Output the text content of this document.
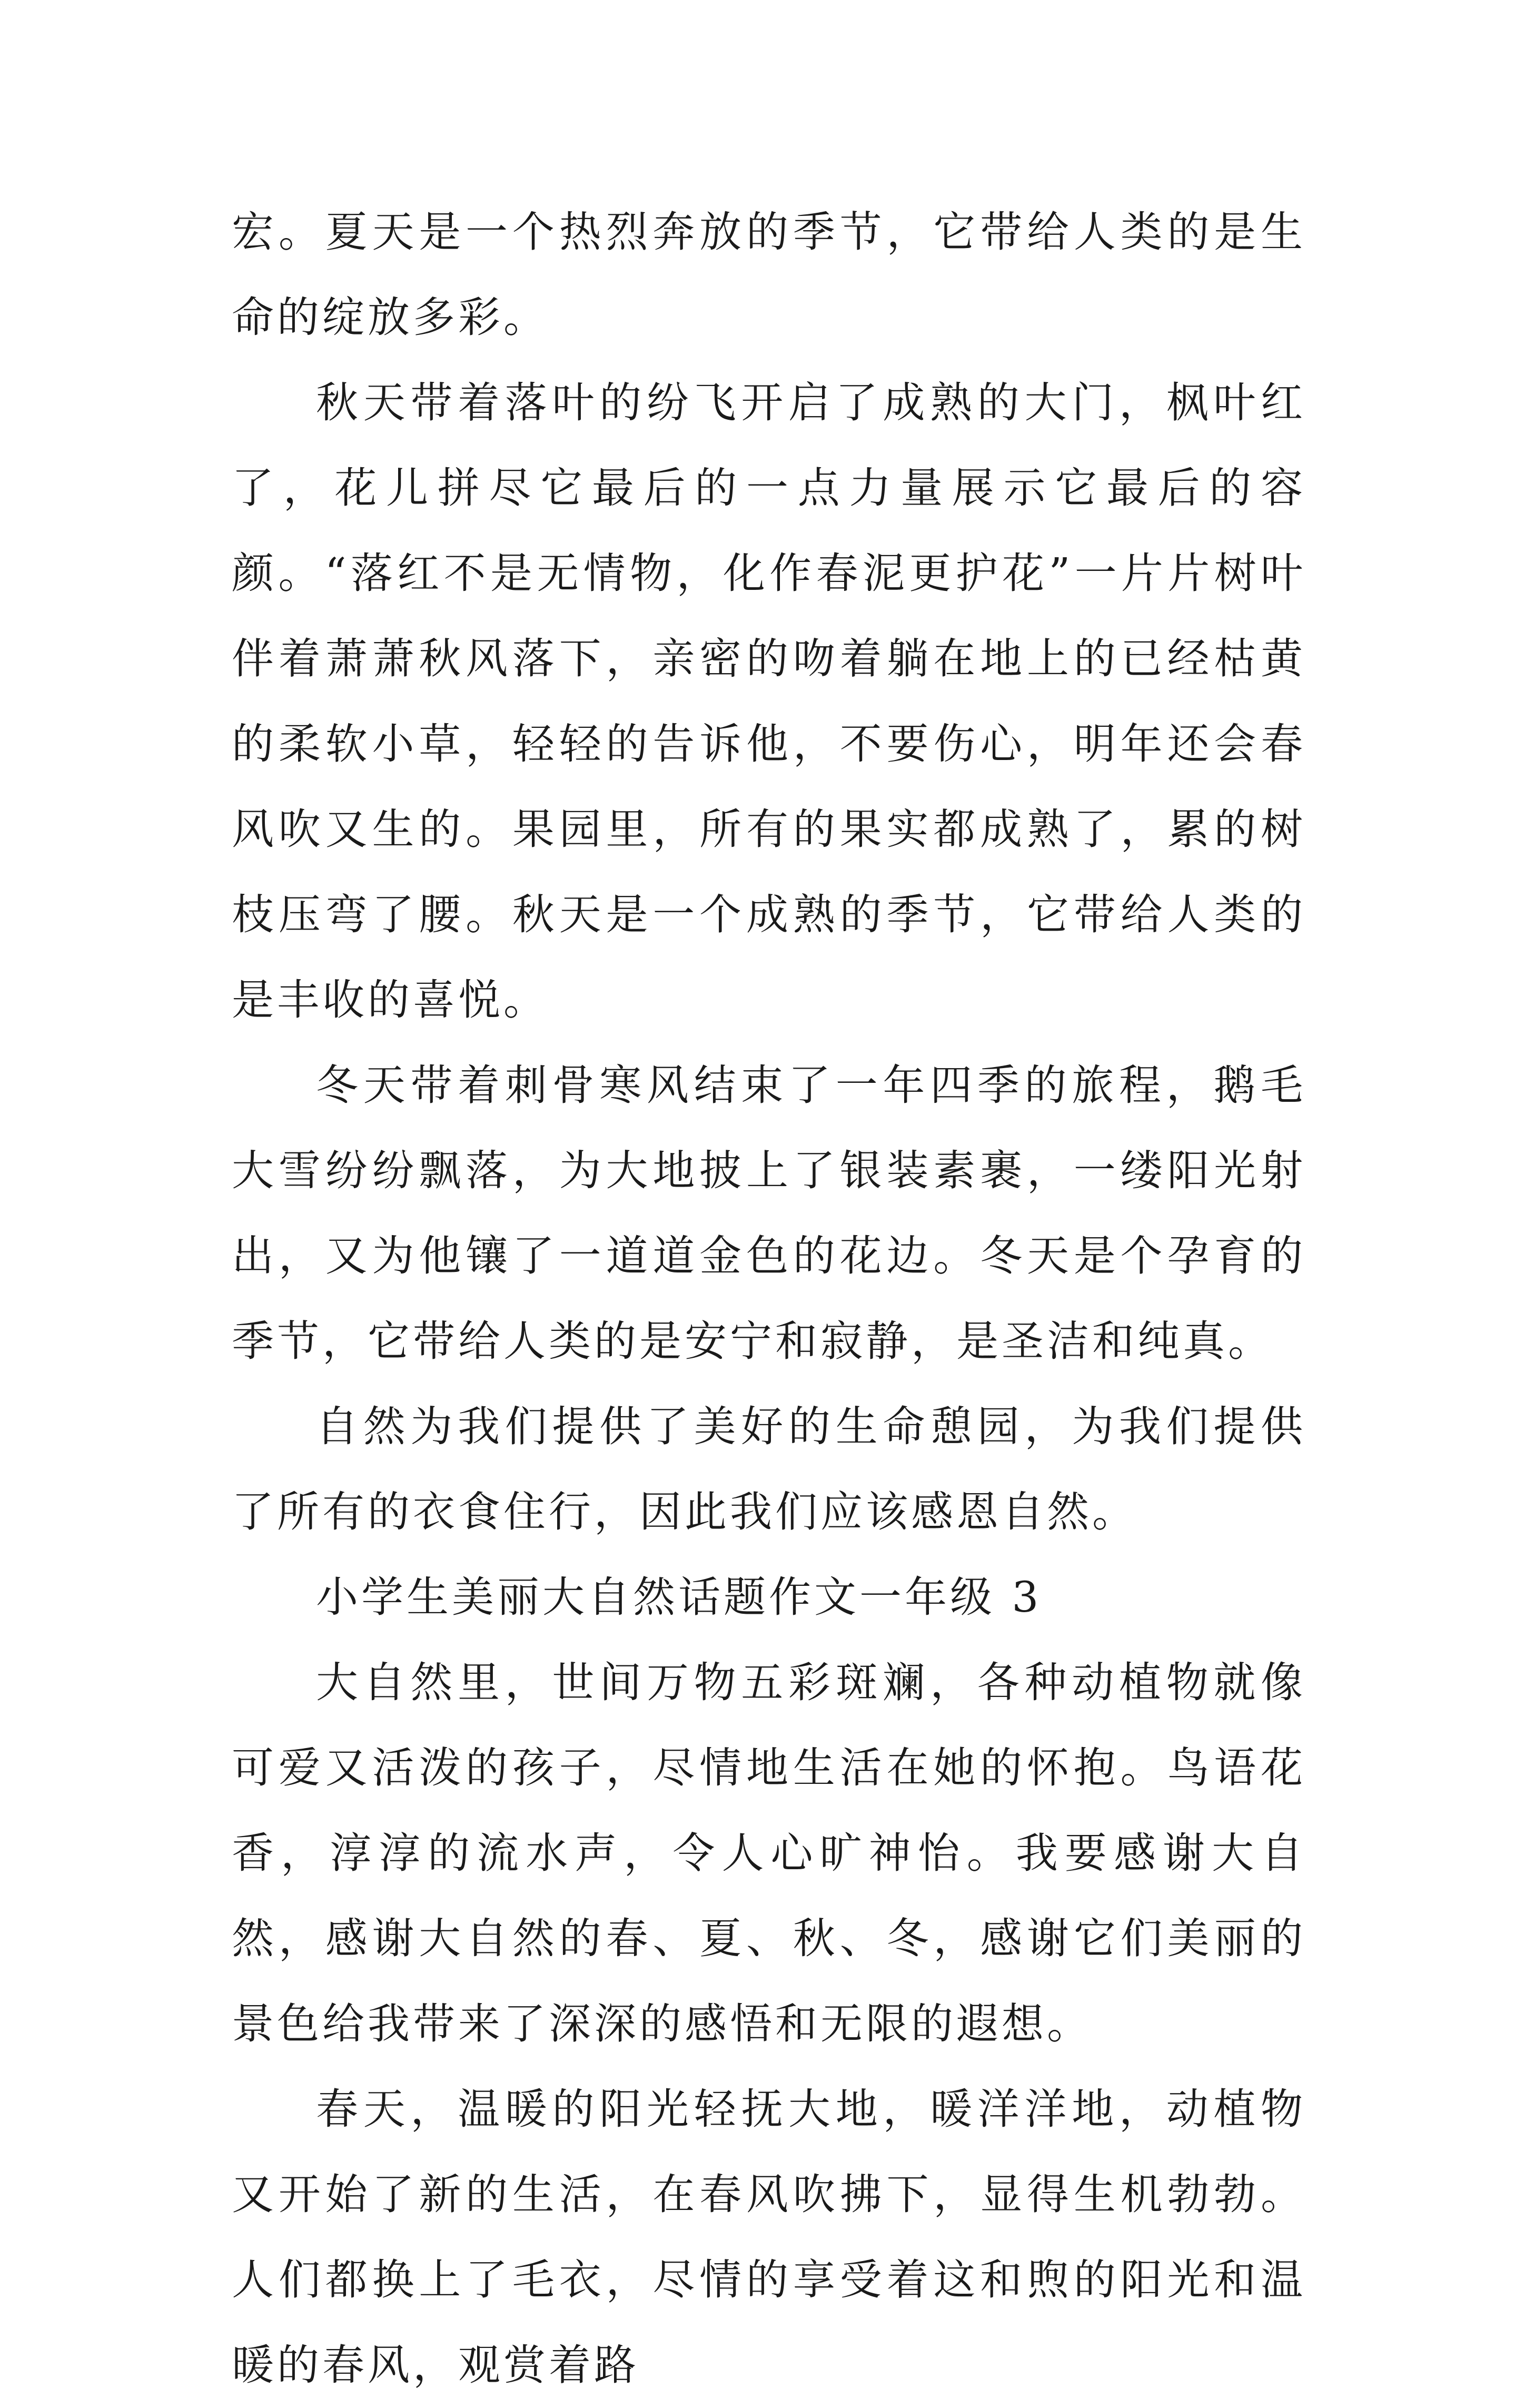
宏。夏天是一个热烈奔放的季节，它带给人类的是生命的绽放多彩。

秋天带着落叶的纷飞开启了成熟的大门，枫叶红了，花儿拼尽它最后的一点力量展示它最后的容颜。“落红不是无情物，化作春泥更护花”一片片树叶伴着萧萧秋风落下，亲密的吻着躺在地上的已经枯黄的柔软小草，轻轻的告诉他，不要伤心，明年还会春风吹又生的。果园里，所有的果实都成熟了，累的树枝压弯了腰。秋天是一个成熟的季节，它带给人类的是丰收的喜悦。

冬天带着刺骨寒风结束了一年四季的旅程，鹅毛大雪纷纷飘落，为大地披上了银装素裹，一缕阳光射出，又为他镶了一道道金色的花边。冬天是个孕育的季节，它带给人类的是安宁和寂静，是圣洁和纯真。

自然为我们提供了美好的生命憩园，为我们提供了所有的衣食住行，因此我们应该感恩自然。

小学生美丽大自然话题作文一年级 3

大自然里，世间万物五彩斑斓，各种动植物就像可爱又活泼的孩子，尽情地生活在她的怀抱。鸟语花香，淳淳的流水声，令人心旷神怡。我要感谢大自然，感谢大自然的春、夏、秋、冬，感谢它们美丽的景色给我带来了深深的感悟和无限的遐想。

春天，温暖的阳光轻抚大地，暖洋洋地，动植物又开始了新的生活，在春风吹拂下，显得生机勃勃。人们都换上了毛衣，尽情的享受着这和煦的阳光和温暖的春风，观赏着路
